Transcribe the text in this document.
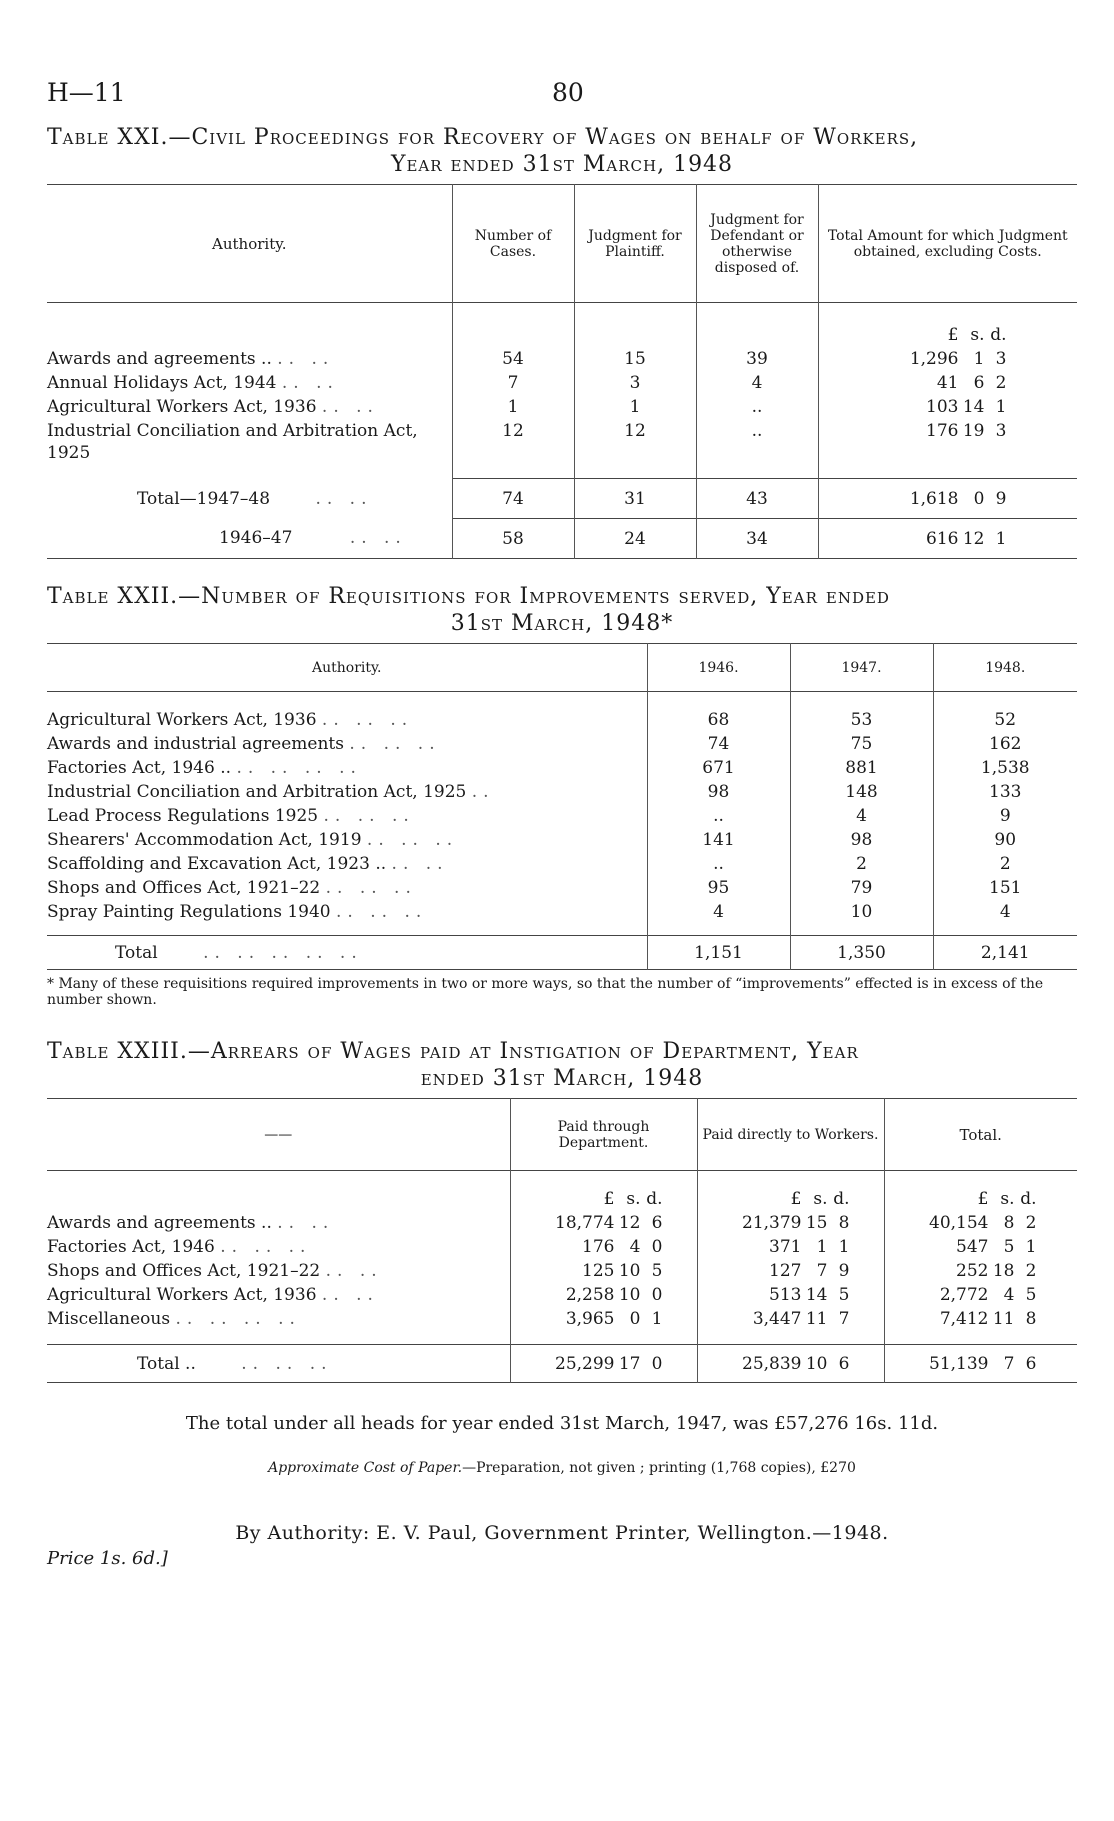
H—11	80
Table XXI.—Civil Proceedings for Recovery of Wages on behalf of Workers,
Year ended 31st March, 1948
Authority.	Number of Cases.	Judgment for Plaintiff.	Judgment for Defendant or otherwise disposed of.	Total Amount for which Judgment obtained, excluding Costs.
				£ s. d.
Awards and agreements .. .. ..	54	15	39	1,296 1 3
Annual Holidays Act, 1944 .. ..	7	3	4	41 6 2
Agricultural Workers Act, 1936 .. ..	1	1	..	103 14 1
Industrial Conciliation and Arbitration Act, 1925	12	12	..	176 19 3

Total—1947–48 .. ..	74	31	43	1,618 0 9
1946–47 .. ..	58	24	34	616 12 1
Table XXII.—Number of Requisitions for Improvements served, Year ended
31st March, 1948*
Authority.	1946.	1947.	1948.

Agricultural Workers Act, 1936 .. .. ..	68	53	52
Awards and industrial agreements .. .. ..	74	75	162
Factories Act, 1946 .. .. .. .. ..	671	881	1,538
Industrial Conciliation and Arbitration Act, 1925 ..	98	148	133
Lead Process Regulations 1925 .. .. ..	..	4	9
Shearers' Accommodation Act, 1919 .. .. ..	141	98	90
Scaffolding and Excavation Act, 1923 .. .. ..	..	2	2
Shops and Offices Act, 1921–22 .. .. ..	95	79	151
Spray Painting Regulations 1940 .. .. ..	4	10	4

Total .. .. .. .. ..	1,151	1,350	2,141
* Many of these requisitions required improvements in two or more ways, so that the number of “improvements” effected is in excess of the number shown.
Table XXIII.—Arrears of Wages paid at Instigation of Department, Year
ended 31st March, 1948
——	Paid through Department.	Paid directly to Workers.	Total.
	£ s. d.	£ s. d.	£ s. d.
Awards and agreements .. .. ..	18,774 12 6	21,379 15 8	40,154 8 2
Factories Act, 1946 .. .. ..	176 4 0	371 1 1	547 5 1
Shops and Offices Act, 1921–22 .. ..	125 10 5	127 7 9	252 18 2
Agricultural Workers Act, 1936 .. ..	2,258 10 0	513 14 5	2,772 4 5
Miscellaneous .. .. .. ..	3,965 0 1	3,447 11 7	7,412 11 8

Total .. .. .. ..	25,299 17 0	25,839 10 6	51,139 7 6
The total under all heads for year ended 31st March, 1947, was £57,276 16s. 11d.
Approximate Cost of Paper.—Preparation, not given ; printing (1,768 copies), £270
By Authority: E. V. Paul, Government Printer, Wellington.—1948.
Price 1s. 6d.]
